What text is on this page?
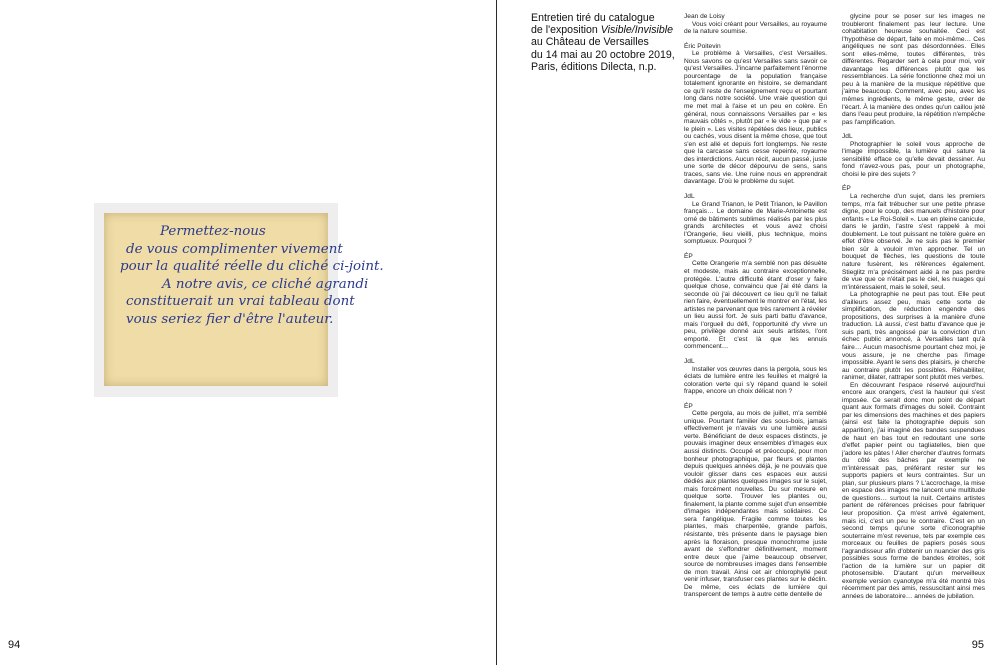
Permettez-nous
de vous complimenter vivement
pour la qualité réelle du cliché ci-joint.
A notre avis, ce cliché agrandi
constituerait un vrai tableau dont
vous seriez fier d'être l'auteur.
94
Entretien tiré du catalogue
de l'exposition Visible/Invisible
au Château de Versailles
du 14 mai au 20 octobre 2019,
Paris, éditions Dilecta, n.p.
Jean de Loisy

Vous voici créant pour Versailles, au royaume de la nature soumise.

Éric Poitevin

Le problème à Versailles, c'est Versailles. Nous savons ce qu'est Versailles sans savoir ce qu'est Versailles. J'incarne parfaitement l'énorme pourcentage de la population française totalement ignorante en histoire, se demandant ce qu'il reste de l'enseignement reçu et pourtant long dans notre société. Une vraie question qui me met mal à l'aise et un peu en colère. En général, nous connaissons Versailles par « les mauvais côtés », plutôt par « le vide » que par « le plein ». Les visites répétées des lieux, publics ou cachés, vous disent la même chose, que tout s'en est allé et depuis fort longtemps. Ne reste que la carcasse sans cesse repeinte, royaume des interdictions. Aucun récit, aucun passé, juste une sorte de décor dépourvu de sens, sans traces, sans vie. Une ruine nous en apprendrait davantage. D'où le problème du sujet.

JdL

Le Grand Trianon, le Petit Trianon, le Pavillon français… Le domaine de Marie-Antoinette est orné de bâtiments sublimes réalisés par les plus grands architectes et vous avez choisi l'Orangerie, lieu vieilli, plus technique, moins somptueux. Pourquoi ?

ÉP

Cette Orangerie m'a semblé non pas désuète et modeste, mais au contraire exceptionnelle, protégée. L'autre difficulté étant d'oser y faire quelque chose, convaincu que j'ai été dans la seconde où j'ai découvert ce lieu qu'il ne fallait rien faire, éventuellement le montrer en l'état, les artistes ne parvenant que très rarement à révéler un lieu aussi fort. Je suis parti battu d'avance, mais l'orgueil du défi, l'opportunité d'y vivre un peu, privilège donné aux seuls artistes, l'ont emporté. Et c'est là que les ennuis commencent…

JdL

Installer vos œuvres dans la pergola, sous les éclats de lumière entre les feuilles et malgré la coloration verte qui s'y répand quand le soleil frappe, encore un choix délicat non ?

ÉP

Cette pergola, au mois de juillet, m'a semblé unique. Pourtant familier des sous-bois, jamais effectivement je n'avais vu une lumière aussi verte. Bénéficiant de deux espaces distincts, je pouvais imaginer deux ensembles d'images eux aussi distincts. Occupé et préoccupé, pour mon bonheur photographique, par fleurs et plantes depuis quelques années déjà, je ne pouvais que vouloir glisser dans ces espaces eux aussi dédiés aux plantes quelques images sur le sujet, mais forcément nouvelles. Du sur mesure en quelque sorte. Trouver les plantes ou, finalement, la plante comme sujet d'un ensemble d'images indépendantes mais solidaires. Ce sera l'angélique. Fragile comme toutes les plantes, mais charpentée, grande parfois, résistante, très présente dans le paysage bien après la floraison, presque monochrome juste avant de s'effondrer définitivement, moment entre deux que j'aime beaucoup observer, source de nombreuses images dans l'ensemble de mon travail. Ainsi cet air chlorophyllé peut venir infuser, transfuser ces plantes sur le déclin. De même, ces éclats de lumière qui transpercent de temps à autre cette dentelle de

glycine pour se poser sur les images ne troubleront finalement pas leur lecture. Une cohabitation heureuse souhaitée. Ceci est l'hypothèse de départ, faite en moi-même… Ces angéliques ne sont pas désordonnées. Elles sont elles-même, toutes différentes, très différentes. Regarder sert à cela pour moi, voir davantage les différences plutôt que les ressemblances. La série fonctionne chez moi un peu à la manière de la musique répétitive que j'aime beaucoup. Comment, avec peu, avec les mêmes ingrédients, le même geste, créer de l'écart. À la manière des ondes qu'un caillou jeté dans l'eau peut produire, la répétition n'empêche pas l'amplification.

JdL

Photographier le soleil vous approche de l'image impossible, la lumière qui sature la sensibilité efface ce qu'elle devait dessiner. Au fond n'avez-vous pas, pour un photographe, choisi le pire des sujets ?

ÉP

La recherche d'un sujet, dans les premiers temps, m'a fait trébucher sur une petite phrase digne, pour le coup, des manuels d'histoire pour enfants « Le Roi-Soleil ». Lue en pleine canicule, dans le jardin, l'astre s'est rappelé à moi doublement. Le tout puissant ne tolère guère en effet d'être observé. Je ne suis pas le premier bien sûr à vouloir m'en approcher. Tel un bouquet de flèches, les questions de toute nature fusèrent, les références également. Stieglitz m'a précisément aidé à ne pas perdre de vue que ce n'était pas le ciel, les nuages qui m'intéressaient, mais le soleil, seul.

La photographie ne peut pas tout. Elle peut d'ailleurs assez peu, mais cette sorte de simplification, de réduction engendre des propositions, des surprises à la manière d'une traduction. Là aussi, c'est battu d'avance que je suis parti, très angoissé par la conviction d'un échec public annoncé, à Versailles tant qu'à faire… Aucun masochisme pourtant chez moi, je vous assure, je ne cherche pas l'image impossible. Ayant le sens des plaisirs, je cherche au contraire plutôt les possibles. Réhabiliter, ranimer, dilater, rattraper sont plutôt mes verbes.

En découvrant l'espace réservé aujourd'hui encore aux orangers, c'est la hauteur qui s'est imposée. Ce serait donc mon point de départ quant aux formats d'images du soleil. Contraint par les dimensions des machines et des papiers (ainsi est faite la photographie depuis son apparition), j'ai imaginé des bandes suspendues de haut en bas tout en redoutant une sorte d'effet papier peint ou tagliatelles, bien que j'adore les pâtes ! Aller chercher d'autres formats du côté des bâches par exemple ne m'intéressait pas, préférant rester sur les supports papiers et leurs contraintes. Sur un plan, sur plusieurs plans ? L'accrochage, la mise en espace des images me lancent une multitude de questions… surtout la nuit. Certains artistes partent de références précises pour fabriquer leur proposition. Ça m'est arrivé également, mais ici, c'est un peu le contraire. C'est en un second temps qu'une sorte d'iconographie souterraine m'est revenue, tels par exemple ces morceaux ou feuilles de papiers posés sous l'agrandisseur afin d'obtenir un nuancier des gris possibles sous forme de bandes étroites, soit l'action de la lumière sur un papier dit photosensible. D'autant qu'un merveilleux exemple version cyanotype m'a été montré très récemment par des amis, ressuscitant ainsi mes années de laboratoire… années de jubilation.

95
